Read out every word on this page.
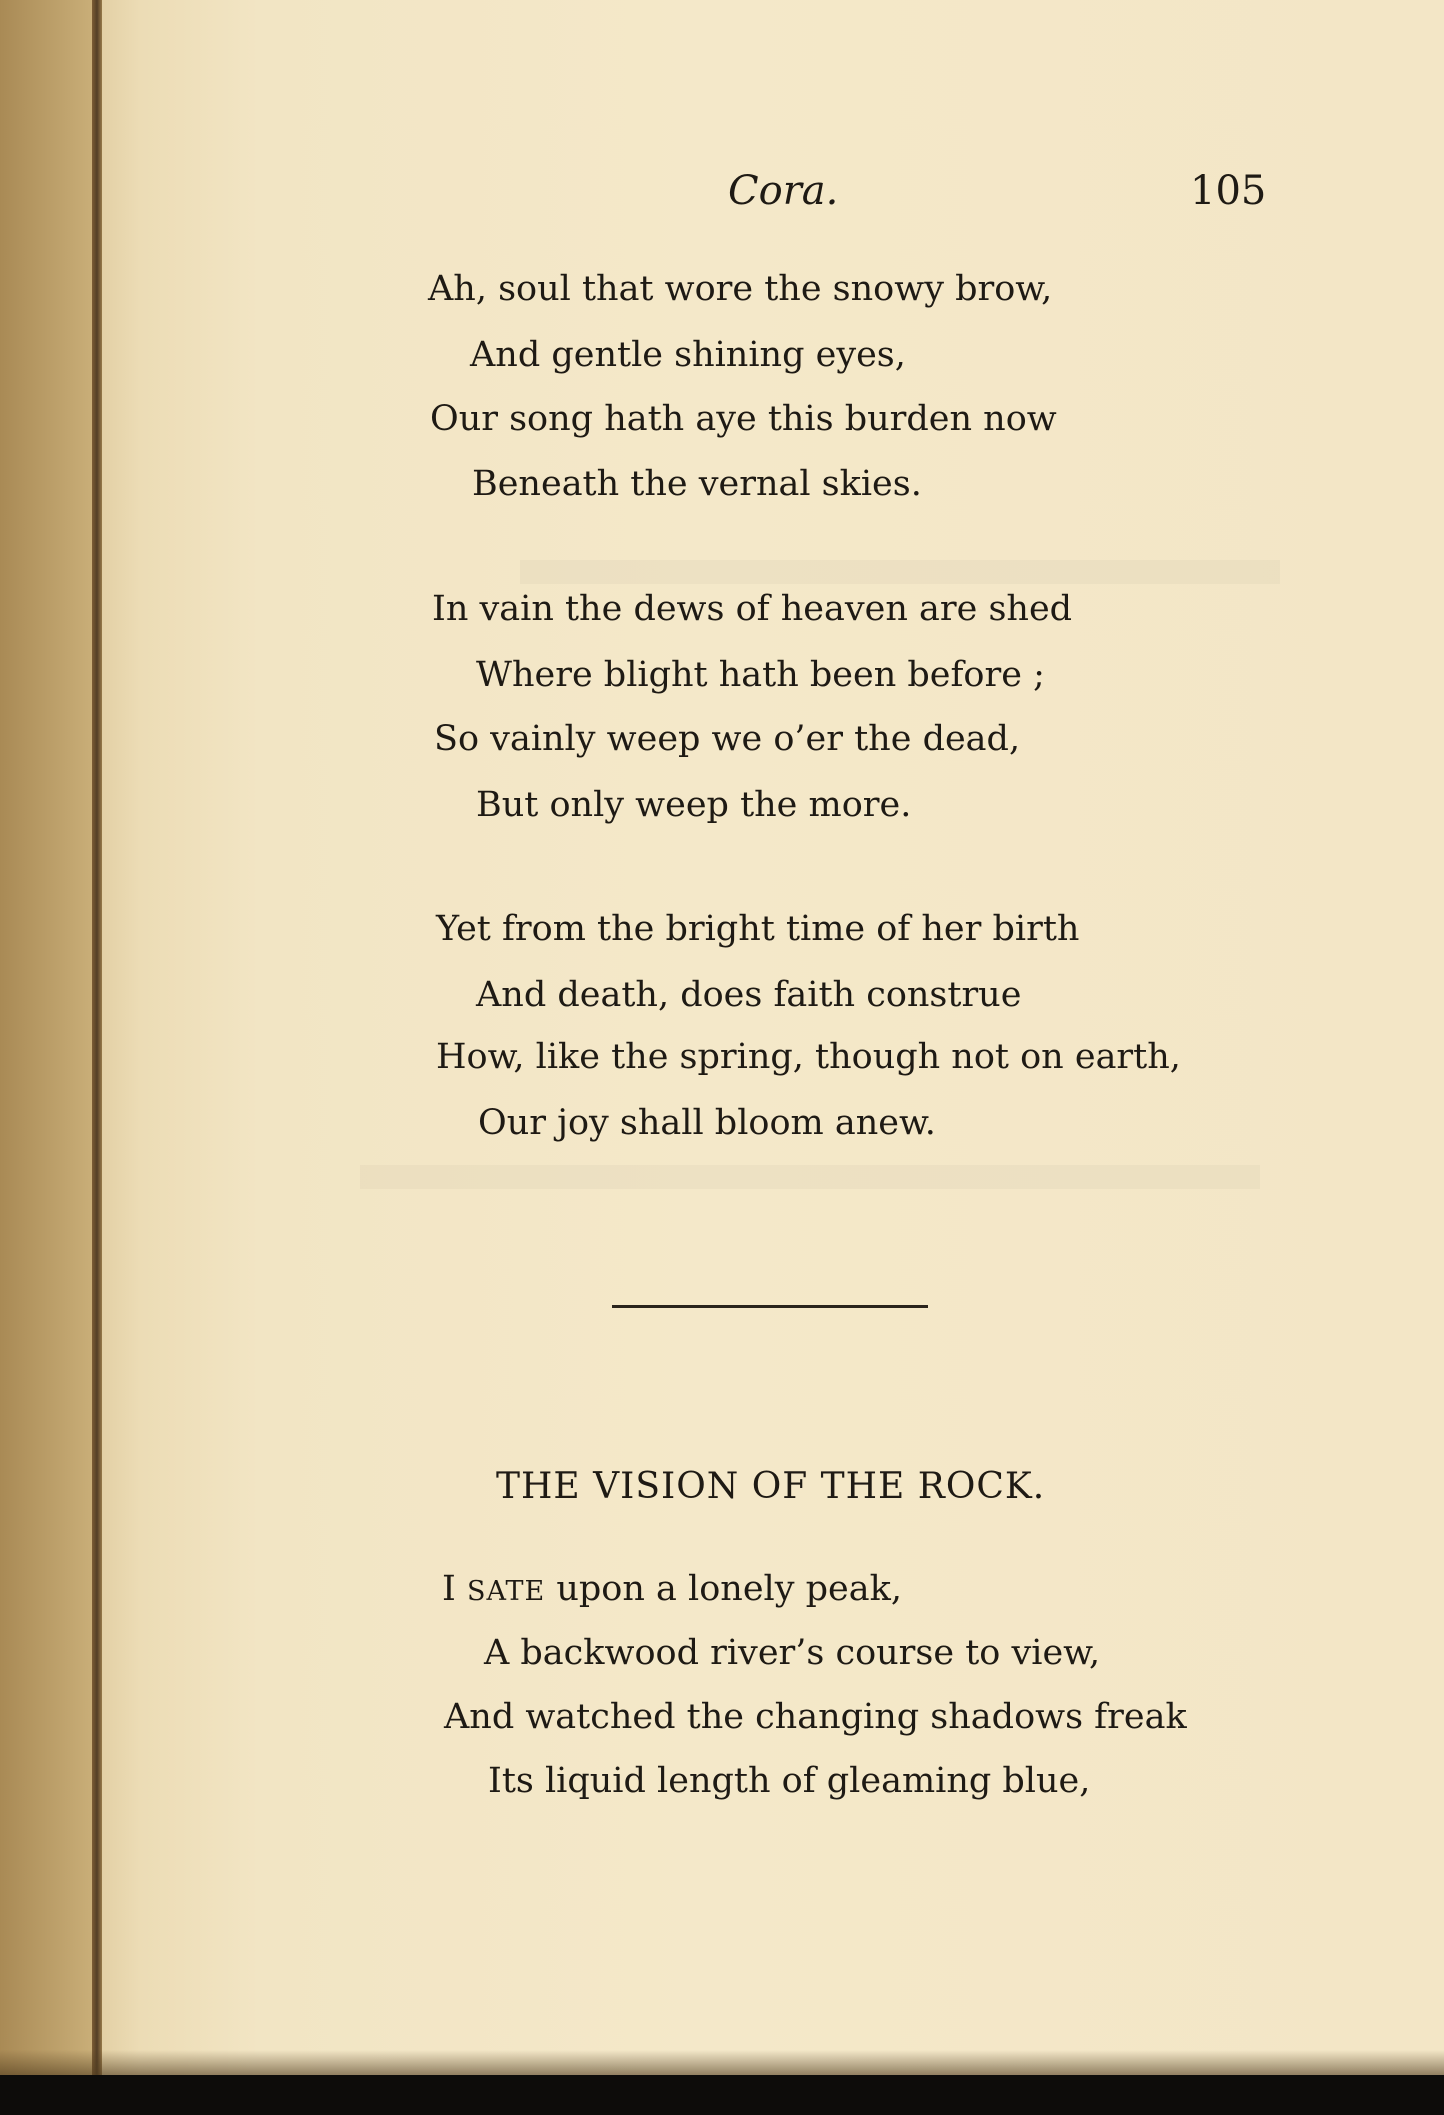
Cora.	105
Ah, soul that wore the snowy brow,
And gentle shining eyes,
Our song hath aye this burden now
Beneath the vernal skies.
In vain the dews of heaven are shed
Where blight hath been before ;
So vainly weep we o’er the dead,
But only weep the more.
Yet from the bright time of her birth
And death, does faith construe
How, like the spring, though not on earth,
Our joy shall bloom anew.
THE VISION OF THE ROCK.
I SATE upon a lonely peak,
A backwood river’s course to view,
And watched the changing shadows freak
Its liquid length of gleaming blue,
